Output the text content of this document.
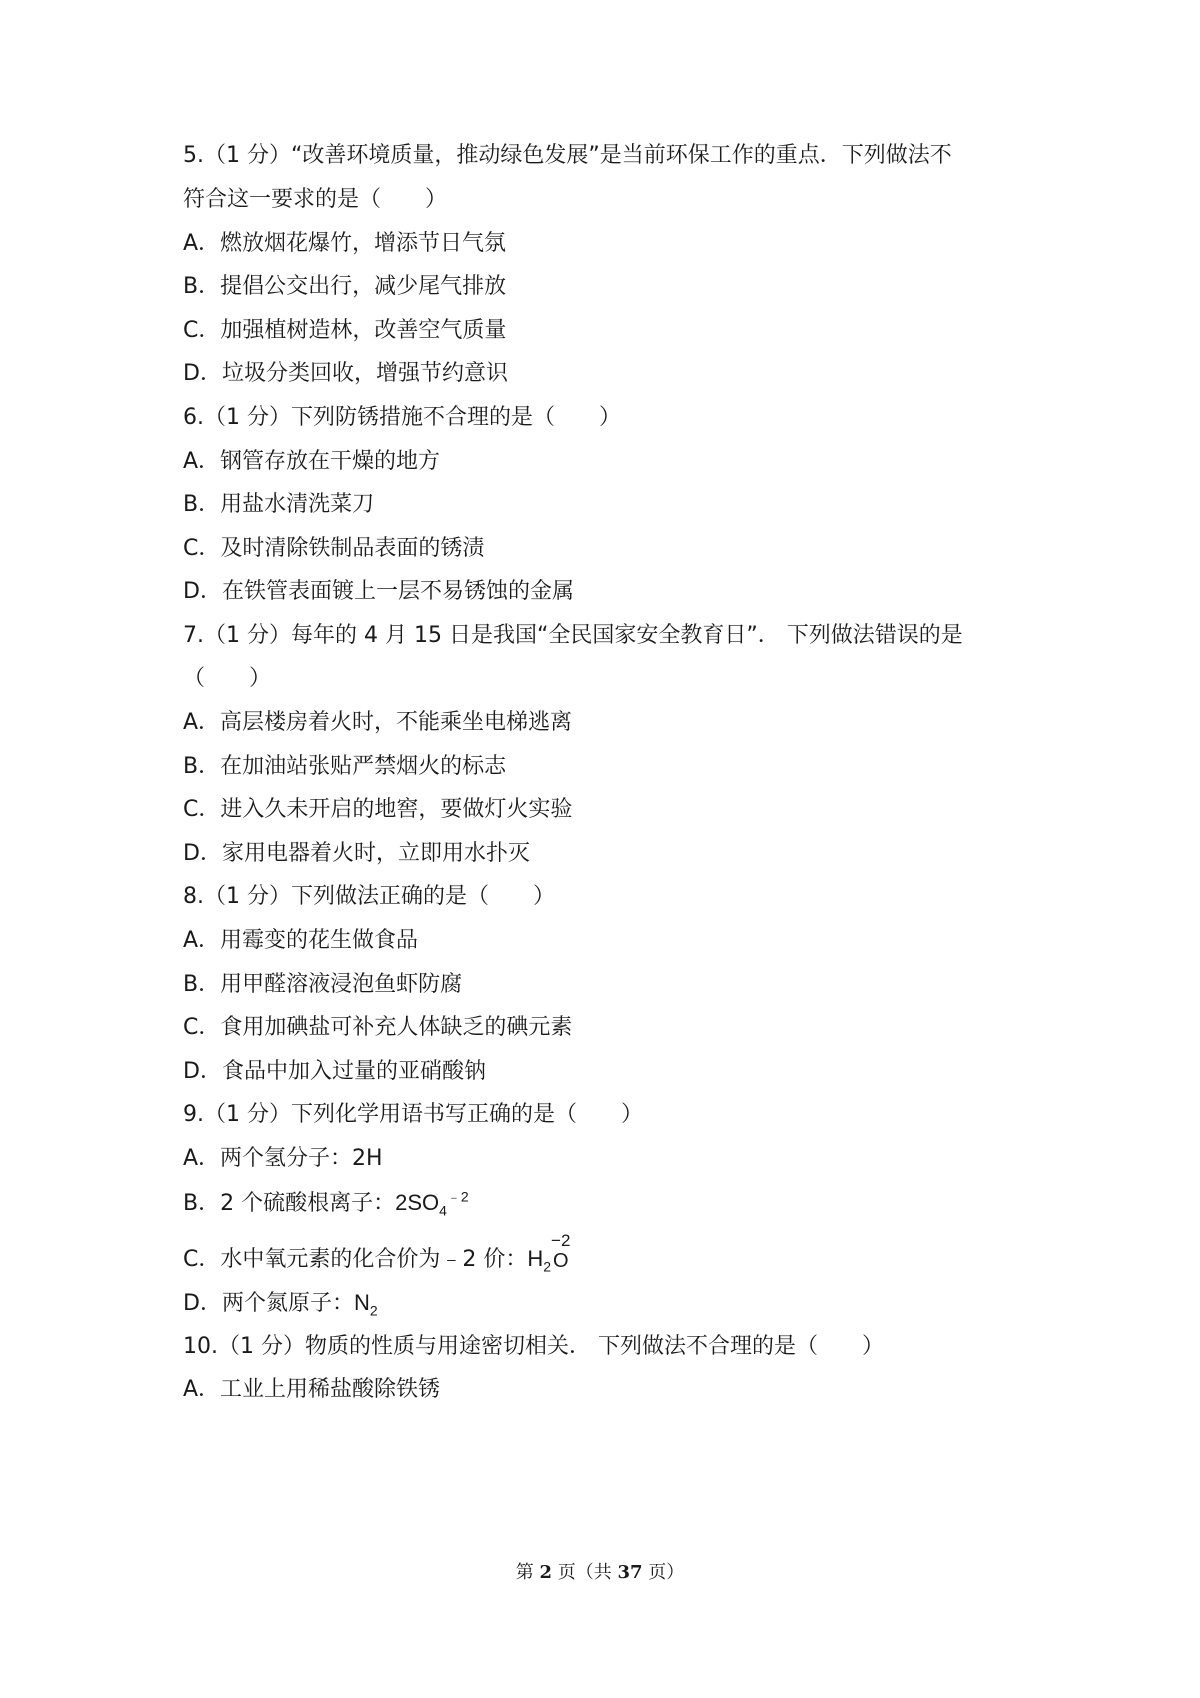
5.（1 分）“改善环境质量，推动绿色发展”是当前环保工作的重点．下列做法不
符合这一要求的是（　　）
A．燃放烟花爆竹，增添节日气氛
B．提倡公交出行，减少尾气排放
C．加强植树造林，改善空气质量
D．垃圾分类回收，增强节约意识
6.（1 分）下列防锈措施不合理的是（　　）
A．钢管存放在干燥的地方
B．用盐水清洗菜刀
C．及时清除铁制品表面的锈渍
D．在铁管表面镀上一层不易锈蚀的金属
7.（1 分）每年的 4 月 15 日是我国“全民国家安全教育日”． 下列做法错误的是
（　　）
A．高层楼房着火时，不能乘坐电梯逃离
B．在加油站张贴严禁烟火的标志
C．进入久未开启的地窖，要做灯火实验
D．家用电器着火时，立即用水扑灭
8.（1 分）下列做法正确的是（　　）
A．用霉变的花生做食品
B．用甲醛溶液浸泡鱼虾防腐
C．食用加碘盐可补充人体缺乏的碘元素
D．食品中加入过量的亚硝酸钠
9.（1 分）下列化学用语书写正确的是（　　）
A．两个氢分子：2H
B．2 个硫酸根离子：$2SO_4^{﹣2}$
C．水中氧元素的化合价为﹣2 价：$H_2$
−2
O
D．两个氮原子：$N_2$
10.（1 分）物质的性质与用途密切相关． 下列做法不合理的是（　　）
A．工业上用稀盐酸除铁锈
第 2 页（共 37 页）
